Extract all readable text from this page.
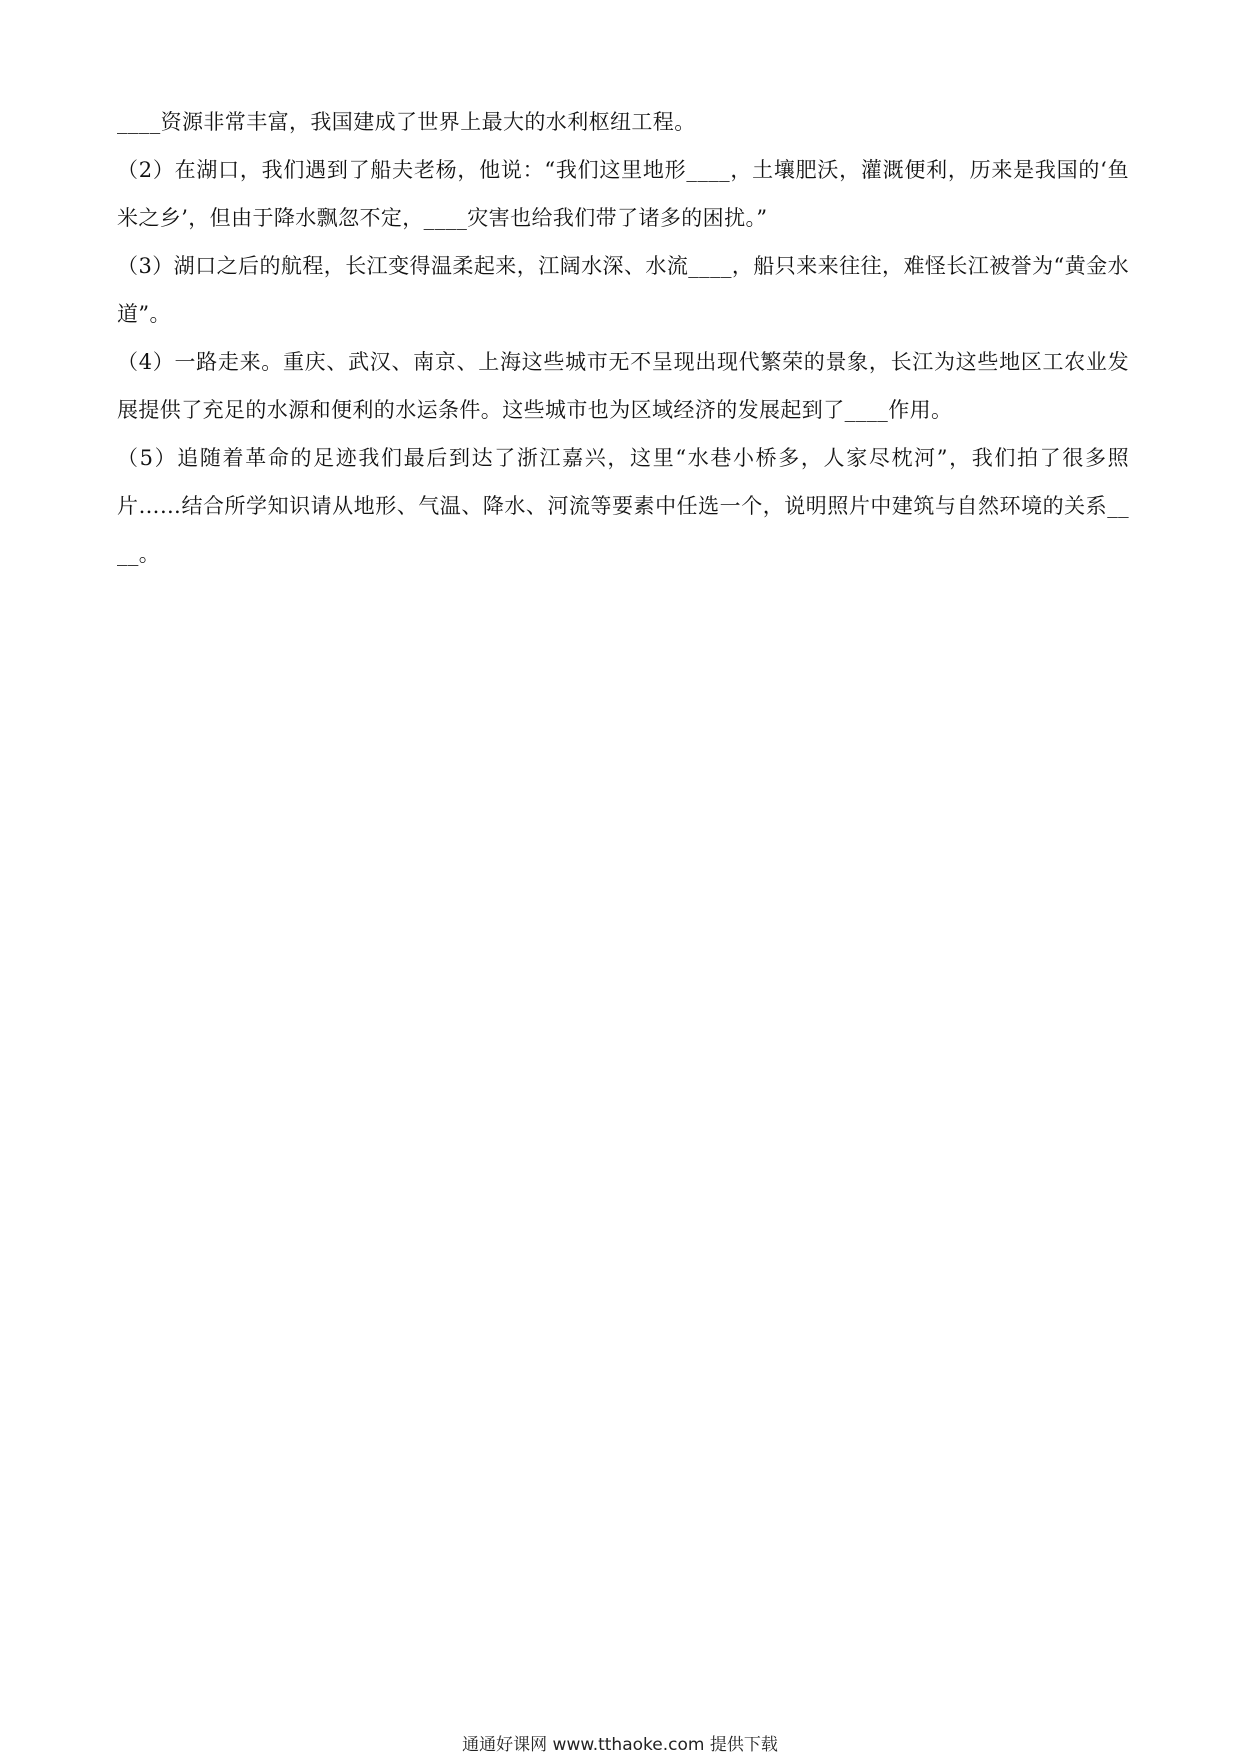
____资源非常丰富，我国建成了世界上最大的水利枢纽工程。

（2）在湖口，我们遇到了船夫老杨，他说：“我们这里地形____，土壤肥沃，灌溉便利，历来是我国的‘鱼米之乡’，但由于降水飘忽不定，____灾害也给我们带了诸多的困扰。”

（3）湖口之后的航程，长江变得温柔起来，江阔水深、水流____，船只来来往往，难怪长江被誉为“黄金水道”。

（4）一路走来。重庆、武汉、南京、上海这些城市无不呈现出现代繁荣的景象，长江为这些地区工农业发展提供了充足的水源和便利的水运条件。这些城市也为区域经济的发展起到了____作用。

（5）追随着革命的足迹我们最后到达了浙江嘉兴，这里“水巷小桥多，人家尽枕河”，我们拍了很多照片……结合所学知识请从地形、气温、降水、河流等要素中任选一个，说明照片中建筑与自然环境的关系____。

通通好课网 www.tthaoke.com 提供下载
